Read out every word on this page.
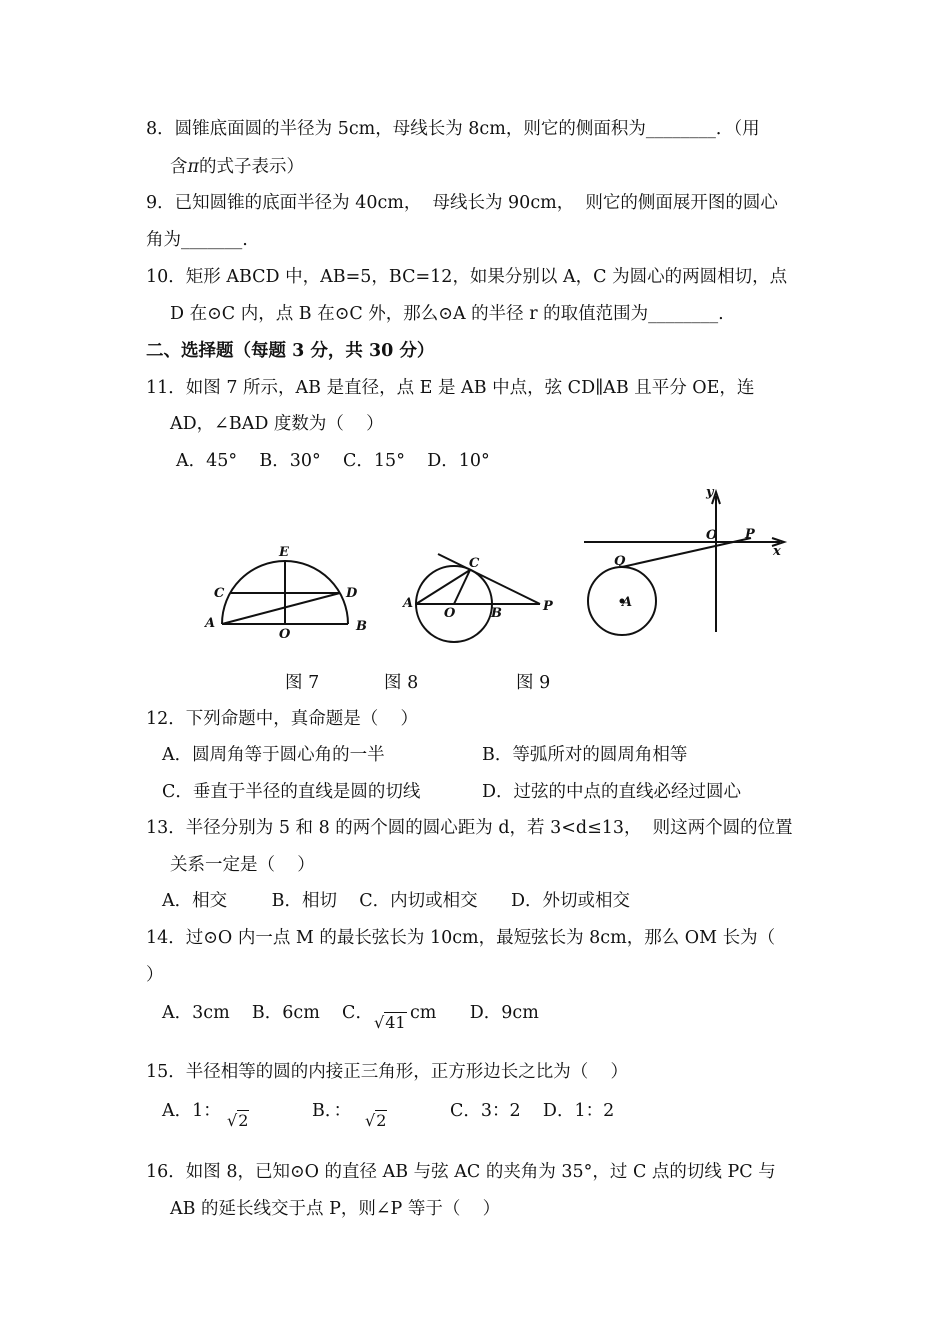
8．圆锥底面圆的半径为 5cm，母线长为 8cm，则它的侧面积为________．（用
含π的式子表示）
9．已知圆锥的底面半径为 40cm，  母线长为 90cm，  则它的侧面展开图的圆心
角为_______.
10．矩形 ABCD 中，AB=5，BC=12，如果分别以 A，C 为圆心的两圆相切，点
D 在⊙C 内，点 B 在⊙C 外，那么⊙A 的半径 r 的取值范围为________.
二、选择题（每题 3 分，共 30 分）
11．如图 7 所示，AB 是直径，点 E 是 AB 中点，弦 CD∥AB 且平分 OE，连
AD，∠BAD 度数为（    ）
A．45°    B．30°    C．15°    D．10°
E
C	D
A
O
B
C
A
O	B	P
y
O P
x
Q
A
图 7	图 8	图 9
12．下列命题中，真命题是（    ）
A．圆周角等于圆心角的一半	B．等弧所对的圆周角相等
C．垂直于半径的直线是圆的切线	D．过弦的中点的直线必经过圆心
13．半径分别为 5 和 8 的两个圆的圆心距为 d，若 3<d≤13，  则这两个圆的位置
关系一定是（    ）
A．相交        B．相切    C．内切或相交      D．外切或相交
14．过⊙O 内一点 M 的最长弦长为 10cm，最短弦长为 8cm，那么 OM 长为（
）
A．3cm    B．6cm    C． √41 cm      D．9cm
15．半径相等的圆的内接正三角形，正方形边长之比为（    ）
A．1： √2	B．： √2	C．3：2    D．1：2
16．如图 8，已知⊙O 的直径 AB 与弦 AC 的夹角为 35°，过 C 点的切线 PC 与
AB 的延长线交于点 P，则∠P 等于（    ）
